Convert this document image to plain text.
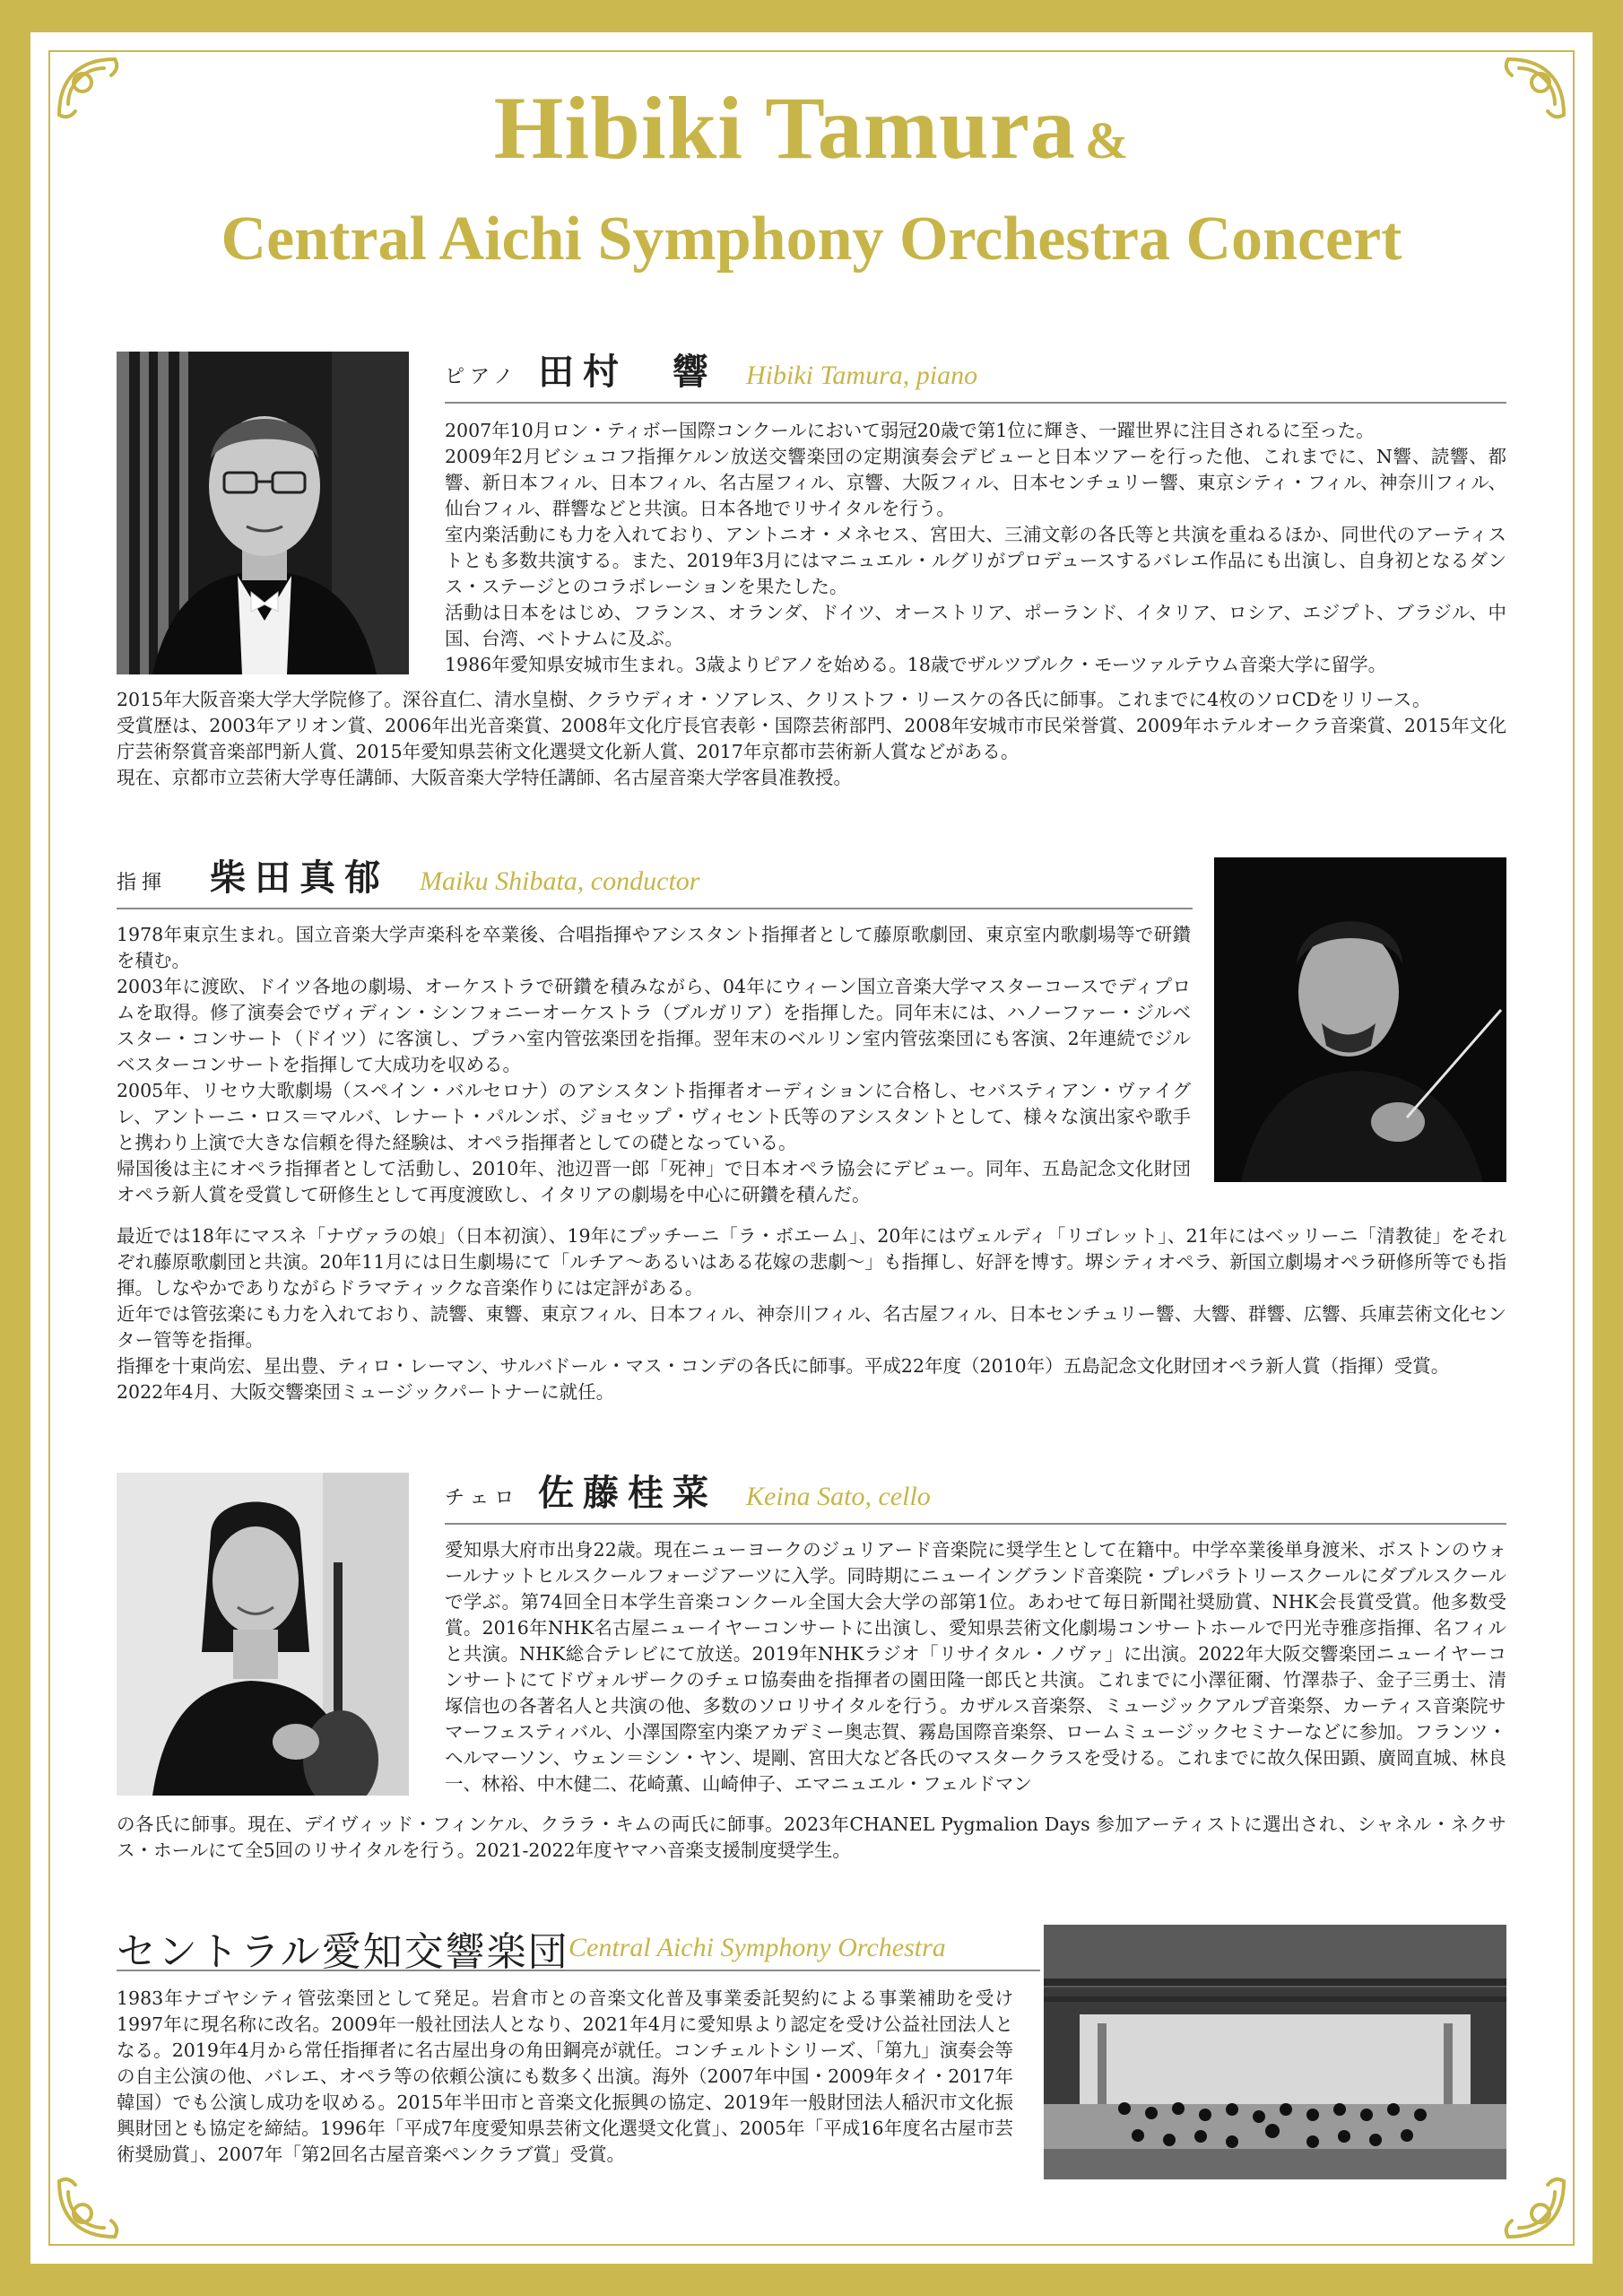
Hibiki Tamura &
Central Aichi Symphony Orchestra Concert
ピアノ 田村　響 Hibiki Tamura, piano

2007年10月ロン・ティボー国際コンクールにおいて弱冠20歳で第1位に輝き、一躍世界に注目されるに至った。

2009年2月ビシュコフ指揮ケルン放送交響楽団の定期演奏会デビューと日本ツアーを行った他、これまでに、N響、読響、都響、新日本フィル、日本フィル、名古屋フィル、京響、大阪フィル、日本センチュリー響、東京シティ・フィル、神奈川フィル、仙台フィル、群響などと共演。日本各地でリサイタルを行う。

室内楽活動にも力を入れており、アントニオ・メネセス、宮田大、三浦文彰の各氏等と共演を重ねるほか、同世代のアーティストとも多数共演する。また、2019年3月にはマニュエル・ルグリがプロデュースするバレエ作品にも出演し、自身初となるダンス・ステージとのコラボレーションを果たした。

活動は日本をはじめ、フランス、オランダ、ドイツ、オーストリア、ポーランド、イタリア、ロシア、エジプト、ブラジル、中国、台湾、ベトナムに及ぶ。

1986年愛知県安城市生まれ。3歳よりピアノを始める。18歳でザルツブルク・モーツァルテウム音楽大学に留学。

2015年大阪音楽大学大学院修了。深谷直仁、清水皇樹、クラウディオ・ソアレス、クリストフ・リースケの各氏に師事。これまでに4枚のソロCDをリリース。

受賞歴は、2003年アリオン賞、2006年出光音楽賞、2008年文化庁長官表彰・国際芸術部門、2008年安城市市民栄誉賞、2009年ホテルオークラ音楽賞、2015年文化庁芸術祭賞音楽部門新人賞、2015年愛知県芸術文化選奨文化新人賞、2017年京都市芸術新人賞などがある。

現在、京都市立芸術大学専任講師、大阪音楽大学特任講師、名古屋音楽大学客員准教授。

指揮 柴田真郁 Maiku Shibata, conductor

1978年東京生まれ。国立音楽大学声楽科を卒業後、合唱指揮やアシスタント指揮者として藤原歌劇団、東京室内歌劇場等で研鑽を積む。

2003年に渡欧、ドイツ各地の劇場、オーケストラで研鑽を積みながら、04年にウィーン国立音楽大学マスターコースでディプロムを取得。修了演奏会でヴィディン・シンフォニーオーケストラ（ブルガリア）を指揮した。同年末には、ハノーファー・ジルベスター・コンサート（ドイツ）に客演し、プラハ室内管弦楽団を指揮。翌年末のベルリン室内管弦楽団にも客演、2年連続でジルベスターコンサートを指揮して大成功を収める。

2005年、リセウ大歌劇場（スペイン・バルセロナ）のアシスタント指揮者オーディションに合格し、セバスティアン・ヴァイグレ、アントーニ・ロス＝マルバ、レナート・パルンボ、ジョセップ・ヴィセント氏等のアシスタントとして、様々な演出家や歌手と携わり上演で大きな信頼を得た経験は、オペラ指揮者としての礎となっている。

帰国後は主にオペラ指揮者として活動し、2010年、池辺晋一郎「死神」で日本オペラ協会にデビュー。同年、五島記念文化財団オペラ新人賞を受賞して研修生として再度渡欧し、イタリアの劇場を中心に研鑽を積んだ。

最近では18年にマスネ「ナヴァラの娘」（日本初演）、19年にプッチーニ「ラ・ボエーム」、20年にはヴェルディ「リゴレット」、21年にはベッリーニ「清教徒」をそれぞれ藤原歌劇団と共演。20年11月には日生劇場にて「ルチア〜あるいはある花嫁の悲劇〜」も指揮し、好評を博す。堺シティオペラ、新国立劇場オペラ研修所等でも指揮。しなやかでありながらドラマティックな音楽作りには定評がある。

近年では管弦楽にも力を入れており、読響、東響、東京フィル、日本フィル、神奈川フィル、名古屋フィル、日本センチュリー響、大響、群響、広響、兵庫芸術文化センター管等を指揮。

指揮を十東尚宏、星出豊、ティロ・レーマン、サルバドール・マス・コンデの各氏に師事。平成22年度（2010年）五島記念文化財団オペラ新人賞（指揮）受賞。

2022年4月、大阪交響楽団ミュージックパートナーに就任。

チェロ 佐藤桂菜 Keina Sato, cello

愛知県大府市出身22歳。現在ニューヨークのジュリアード音楽院に奨学生として在籍中。中学卒業後単身渡米、ボストンのウォールナットヒルスクールフォージアーツに入学。同時期にニューイングランド音楽院・プレパラトリースクールにダブルスクールで学ぶ。第74回全日本学生音楽コンクール全国大会大学の部第1位。あわせて毎日新聞社奨励賞、NHK会長賞受賞。他多数受賞。2016年NHK名古屋ニューイヤーコンサートに出演し、愛知県芸術文化劇場コンサートホールで円光寺雅彦指揮、名フィルと共演。NHK総合テレビにて放送。2019年NHKラジオ「リサイタル・ノヴァ」に出演。2022年大阪交響楽団ニューイヤーコンサートにてドヴォルザークのチェロ協奏曲を指揮者の園田隆一郎氏と共演。これまでに小澤征爾、竹澤恭子、金子三勇士、清塚信也の各著名人と共演の他、多数のソロリサイタルを行う。カザルス音楽祭、ミュージックアルプ音楽祭、カーティス音楽院サマーフェスティバル、小澤国際室内楽アカデミー奥志賀、霧島国際音楽祭、ロームミュージックセミナーなどに参加。フランツ・ヘルマーソン、ウェン＝シン・ヤン、堤剛、宮田大など各氏のマスタークラスを受ける。これまでに故久保田顕、廣岡直城、林良一、林裕、中木健二、花崎薫、山崎伸子、エマニュエル・フェルドマン

の各氏に師事。現在、デイヴィッド・フィンケル、クララ・キムの両氏に師事。2023年CHANEL Pygmalion Days 参加アーティストに選出され、シャネル・ネクサス・ホールにて全5回のリサイタルを行う。2021-2022年度ヤマハ音楽支援制度奨学生。

セントラル愛知交響楽団 Central Aichi Symphony Orchestra

1983年ナゴヤシティ管弦楽団として発足。岩倉市との音楽文化普及事業委託契約による事業補助を受け1997年に現名称に改名。2009年一般社団法人となり、2021年4月に愛知県より認定を受け公益社団法人となる。2019年4月から常任指揮者に名古屋出身の角田鋼亮が就任。コンチェルトシリーズ、「第九」演奏会等の自主公演の他、バレエ、オペラ等の依頼公演にも数多く出演。海外（2007年中国・2009年タイ・2017年韓国）でも公演し成功を収める。2015年半田市と音楽文化振興の協定、2019年一般財団法人稲沢市文化振興財団とも協定を締結。1996年「平成7年度愛知県芸術文化選奨文化賞」、2005年「平成16年度名古屋市芸術奨励賞」、2007年「第2回名古屋音楽ペンクラブ賞」受賞。
